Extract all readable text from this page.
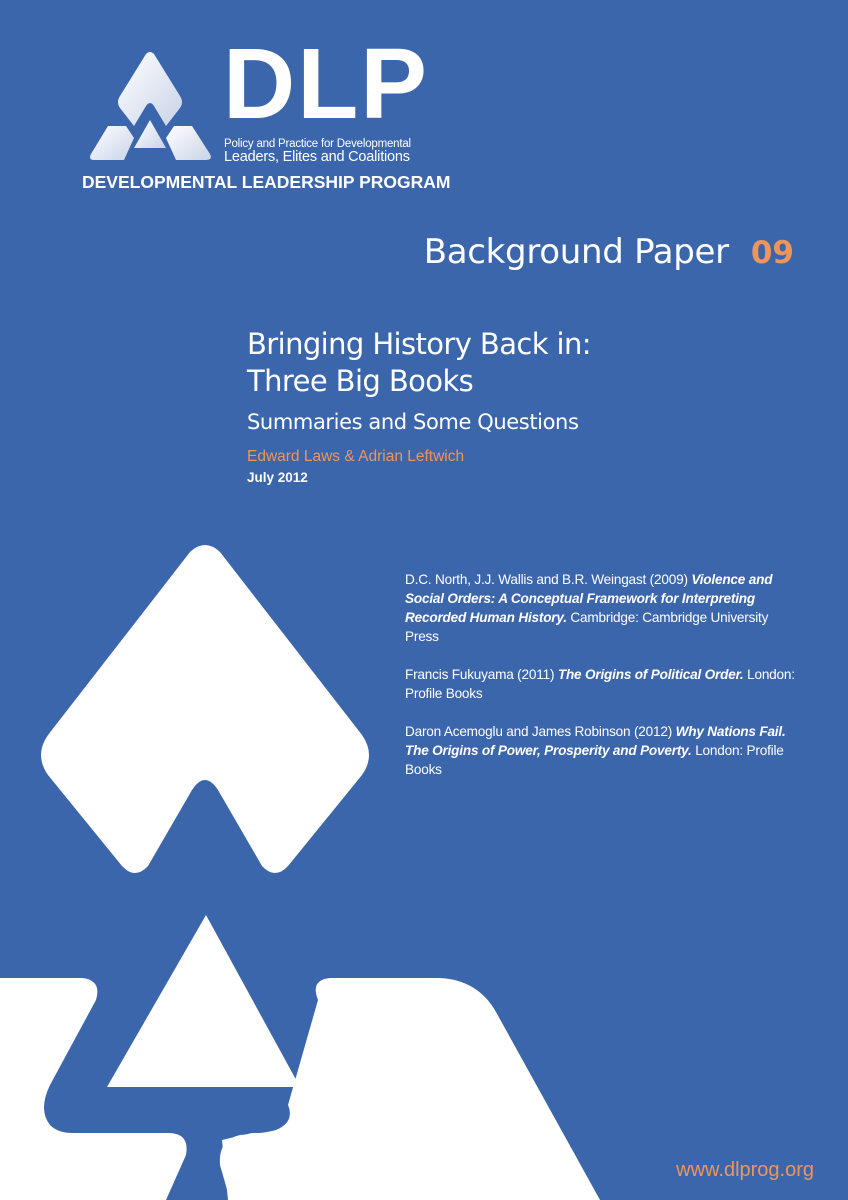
DLP
Policy and Practice for Developmental
Leaders, Elites and Coalitions
DEVELOPMENTAL LEADERSHIP PROGRAM
Background Paper 09
Bringing History Back in:
Three Big Books
Summaries and Some Questions
Edward Laws & Adrian Leftwich
July 2012

D.C. North, J.J. Wallis and B.R. Weingast (2009) Violence and Social Orders: A Conceptual Framework for Interpreting Recorded Human History. Cambridge: Cambridge University Press

Francis Fukuyama (2011) The Origins of Political Order. London: Profile Books

Daron Acemoglu and James Robinson (2012) Why Nations Fail. The Origins of Power, Prosperity and Poverty. London: Profile Books

www.dlprog.org
